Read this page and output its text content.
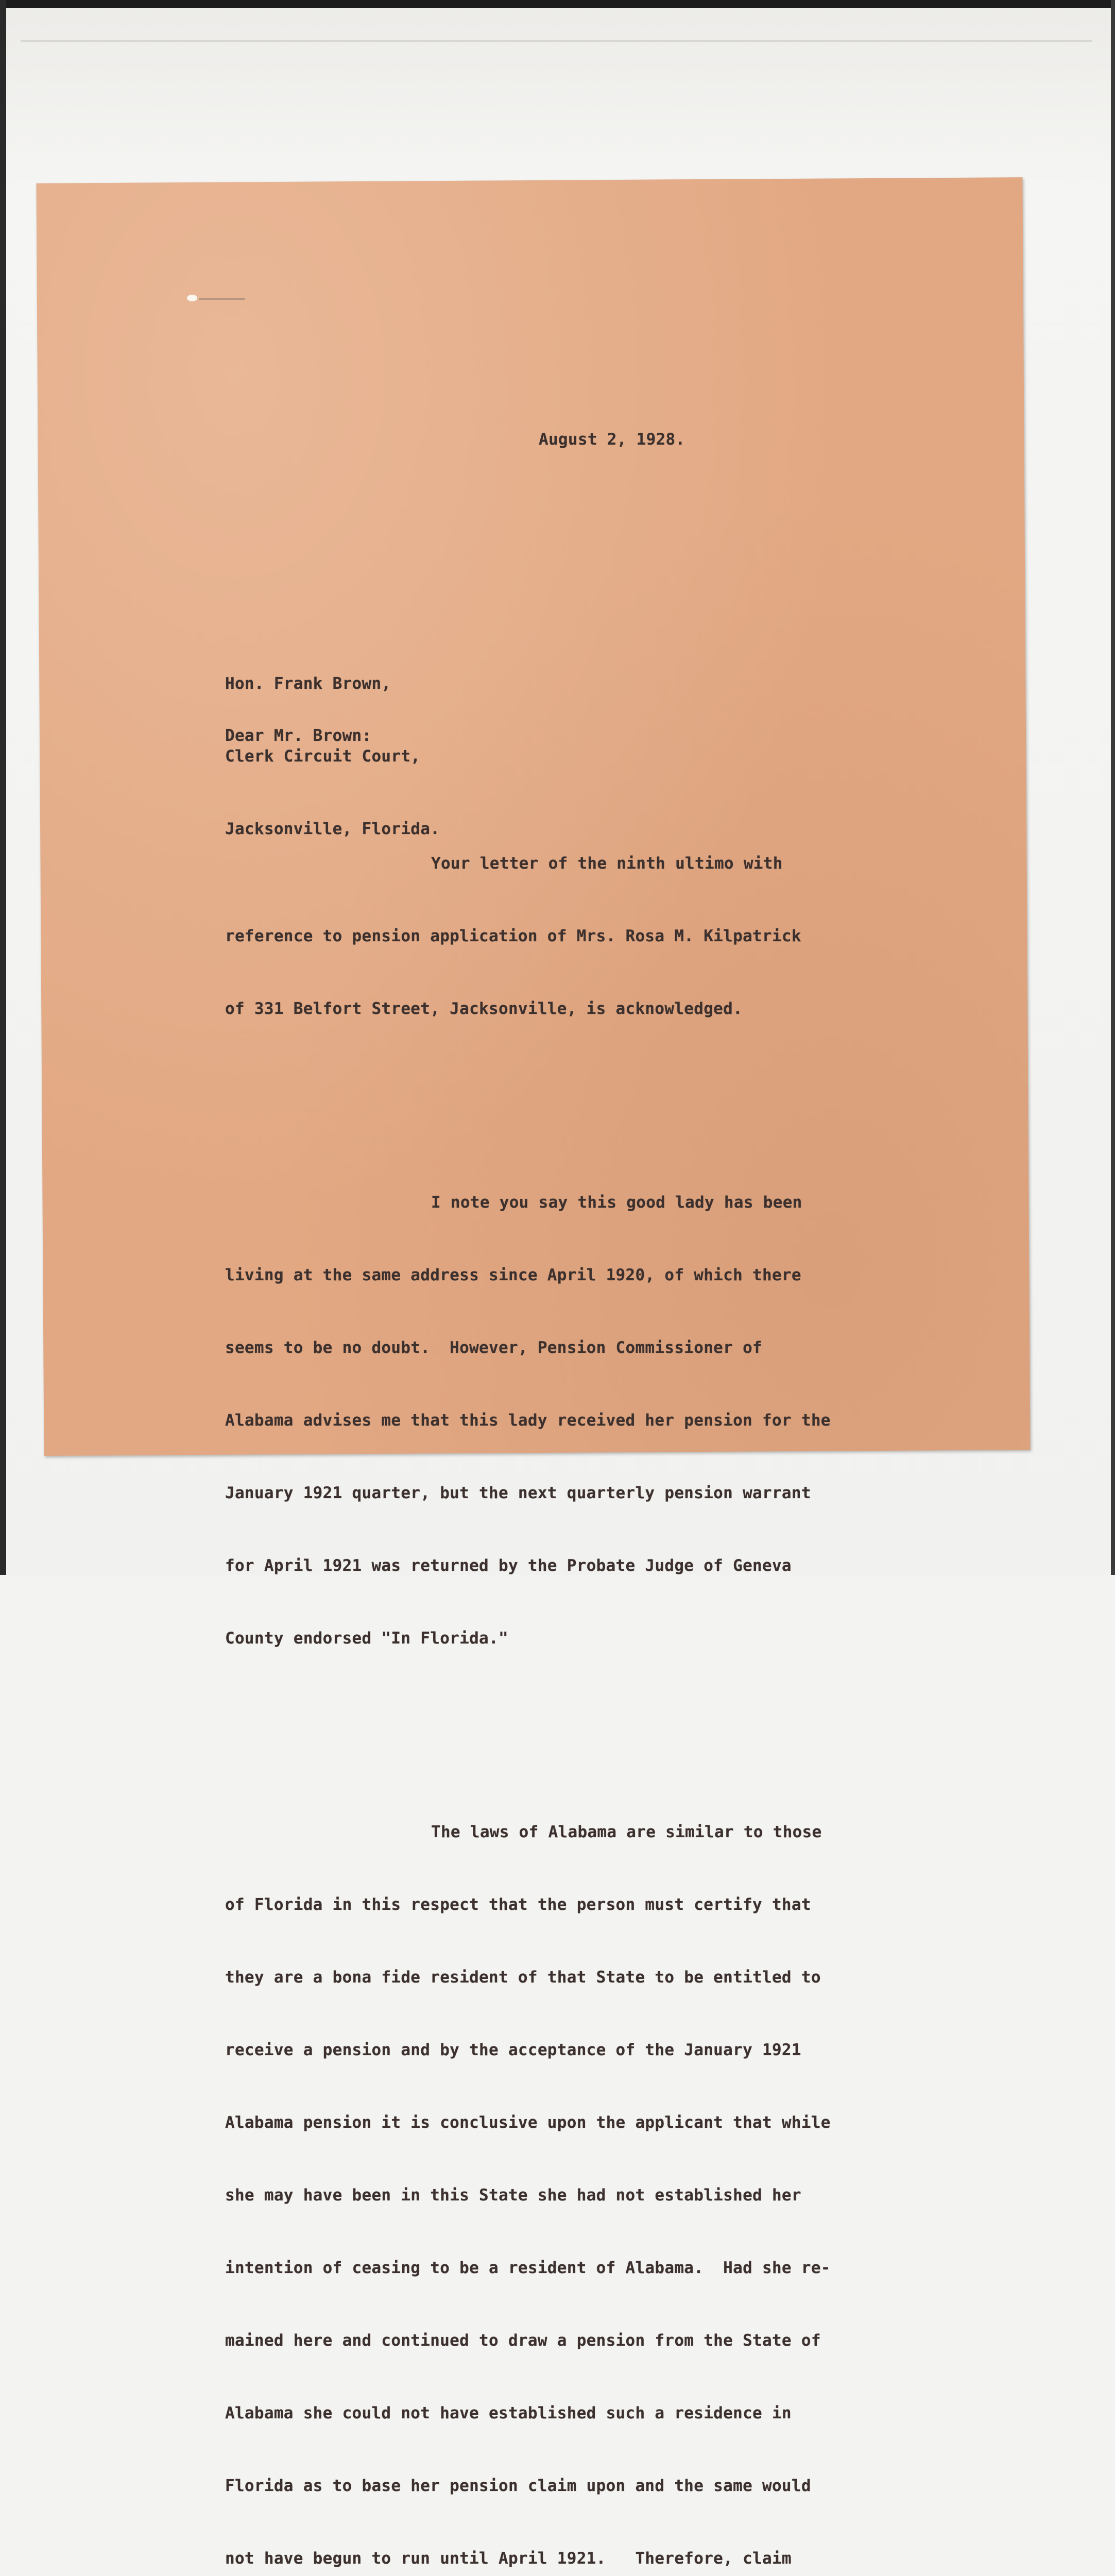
August 2, 1928.

Hon. Frank Brown,

Clerk Circuit Court,

Jacksonville, Florida.

Dear Mr. Brown:

Your letter of the ninth ultimo with

reference to pension application of Mrs. Rosa M. Kilpatrick

of 331 Belfort Street, Jacksonville, is acknowledged.

I note you say this good lady has been

living at the same address since April 1920, of which there

seems to be no doubt.  However, Pension Commissioner of

Alabama advises me that this lady received her pension for the

January 1921 quarter, but the next quarterly pension warrant

for April 1921 was returned by the Probate Judge of Geneva

County endorsed "In Florida."

The laws of Alabama are similar to those

of Florida in this respect that the person must certify that

they are a bona fide resident of that State to be entitled to

receive a pension and by the acceptance of the January 1921

Alabama pension it is conclusive upon the applicant that while

she may have been in this State she had not established her

intention of ceasing to be a resident of Alabama.  Had she re-

mained here and continued to draw a pension from the State of

Alabama she could not have established such a residence in

Florida as to base her pension claim upon and the same would

not have begun to run until April 1921.   Therefore, claim
